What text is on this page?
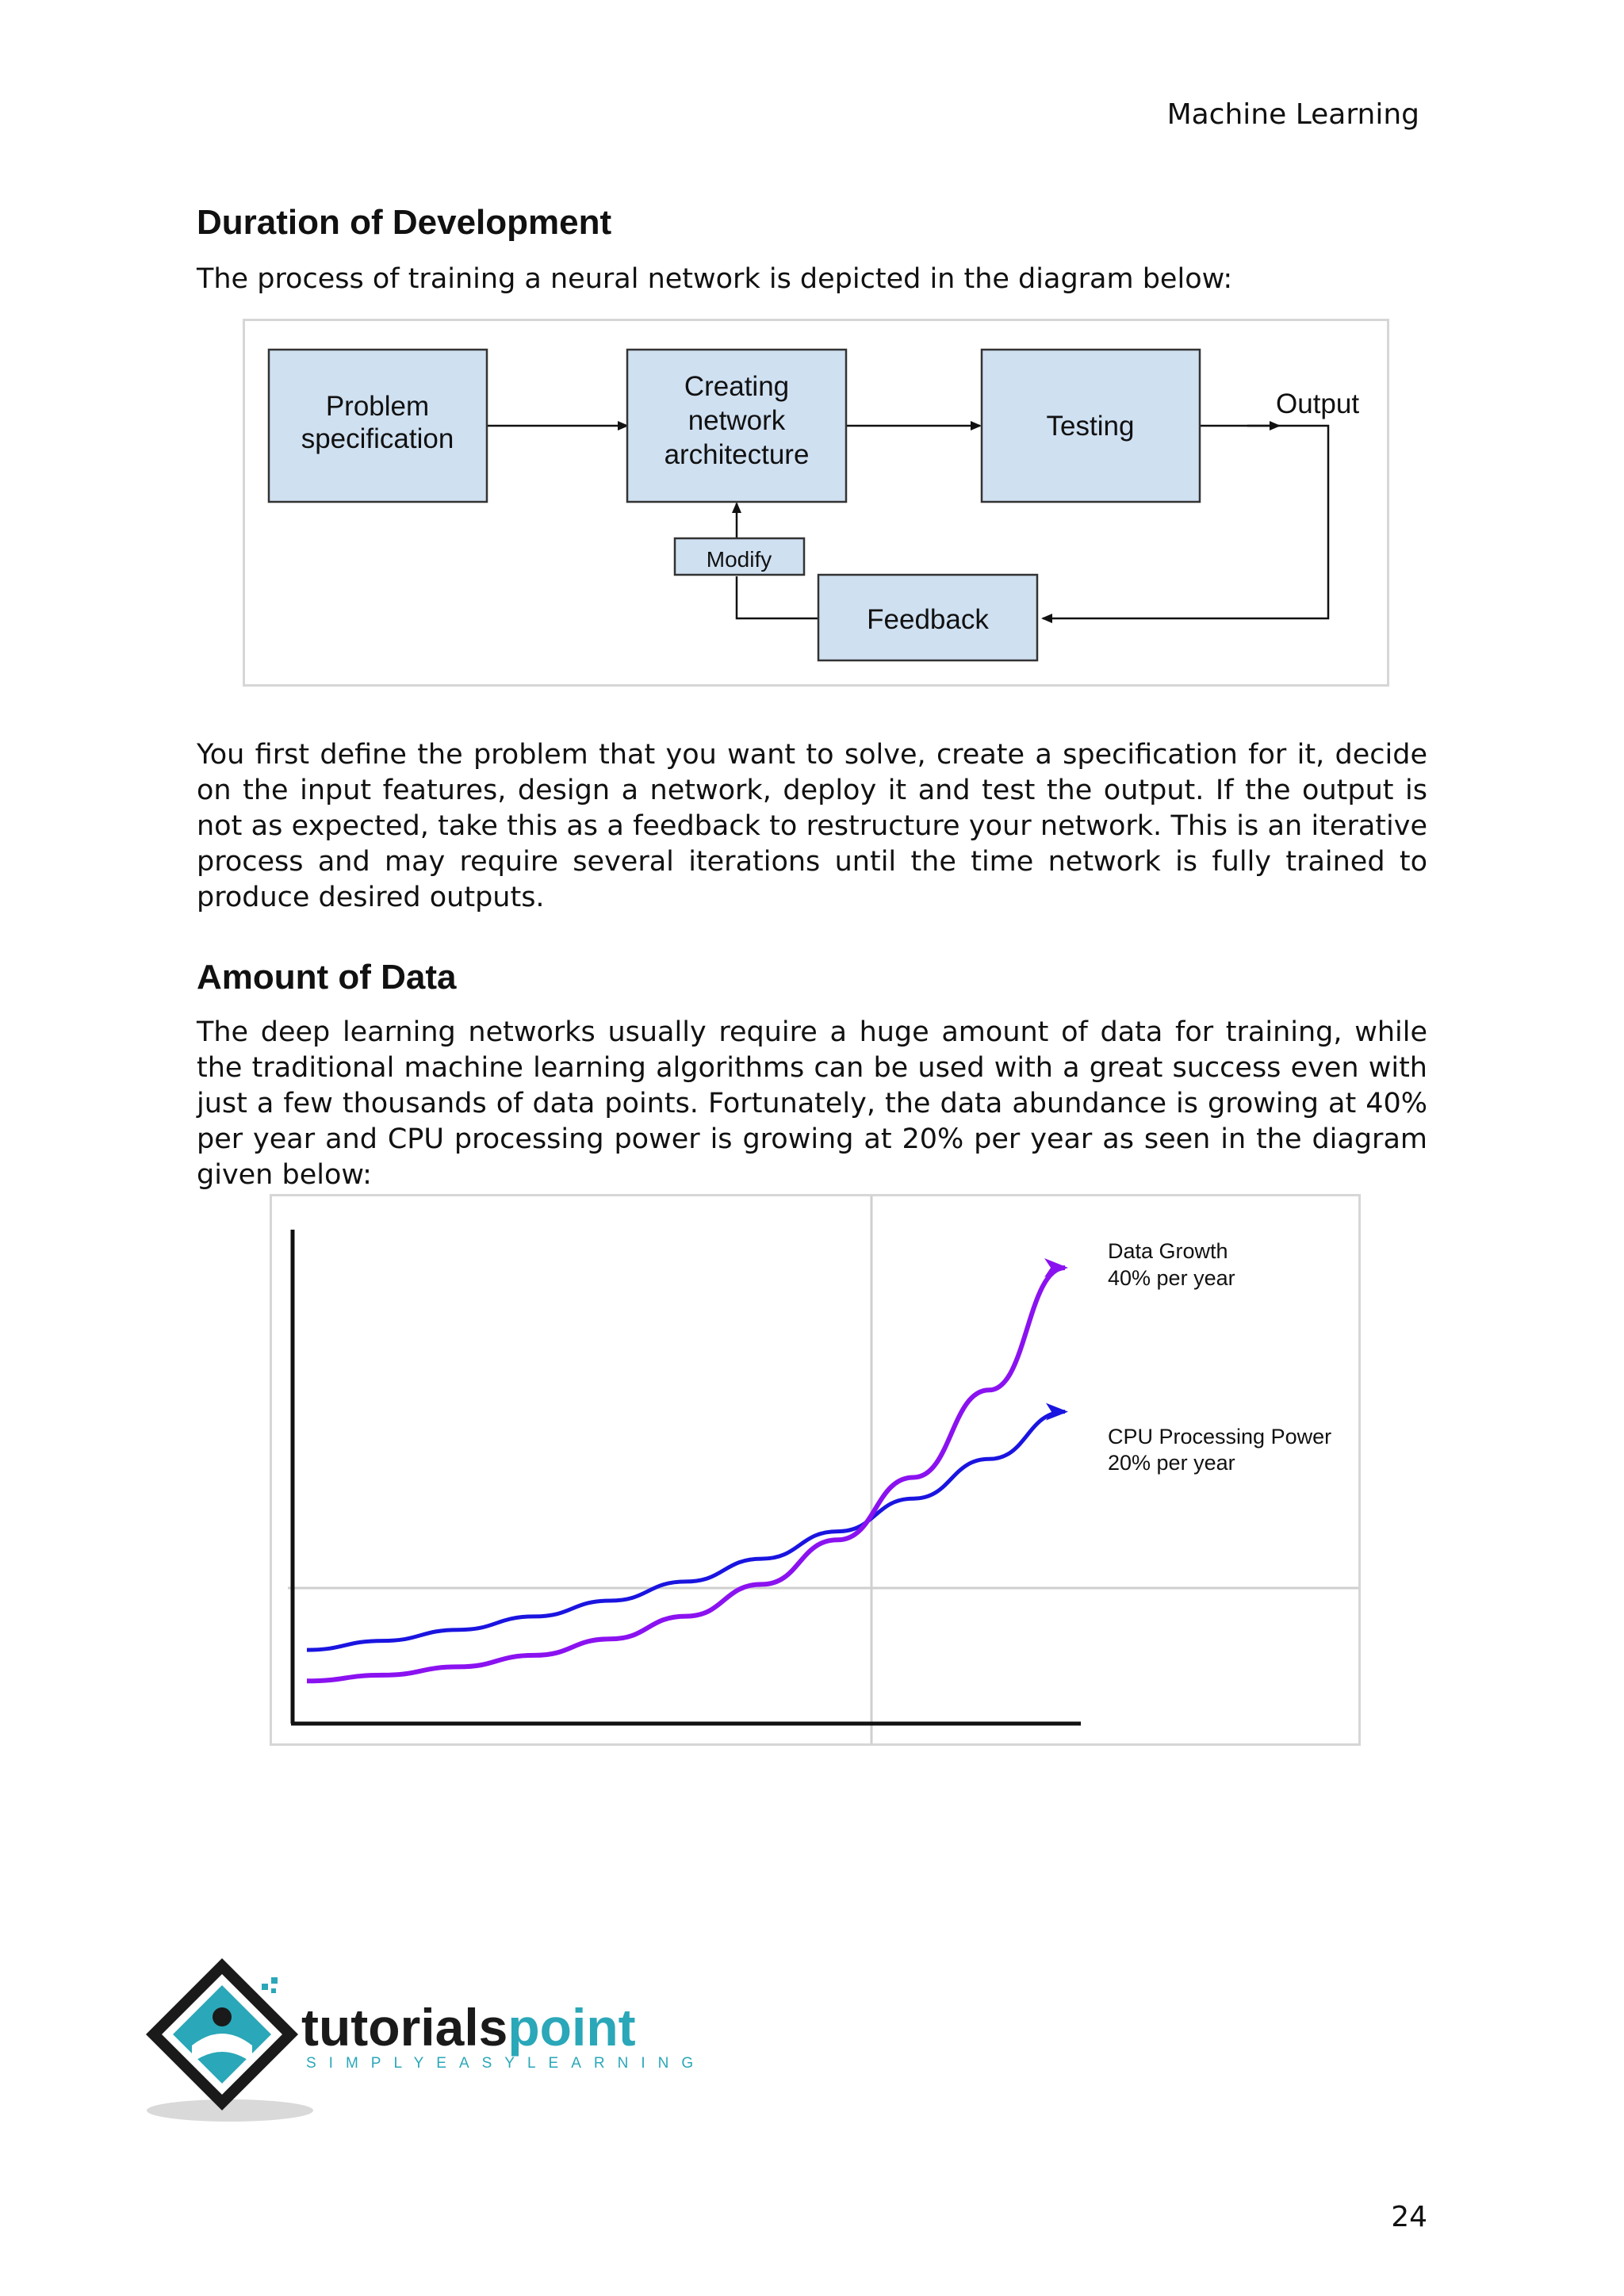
Machine Learning
Duration of Development

The process of training a neural network is depicted in the diagram below:

Problem
specification
Creating
network
architecture
Testing
Output
Modify
Feedback

You first define the problem that you want to solve, create a specification for it, decide on the input features, design a network, deploy it and test the output. If the output is not as expected, take this as a feedback to restructure your network. This is an iterative process and may require several iterations until the time network is fully trained to produce desired outputs.

Amount of Data

The deep learning networks usually require a huge amount of data for training, while the traditional machine learning algorithms can be used with a great success even with just a few thousands of data points. Fortunately, the data abundance is growing at 40% per year and CPU processing power is growing at 20% per year as seen in the diagram given below:

Data Growth
40% per year
CPU Processing Power
20% per year
tutorialspoint
SIMPLYEASYLEARNING
24
